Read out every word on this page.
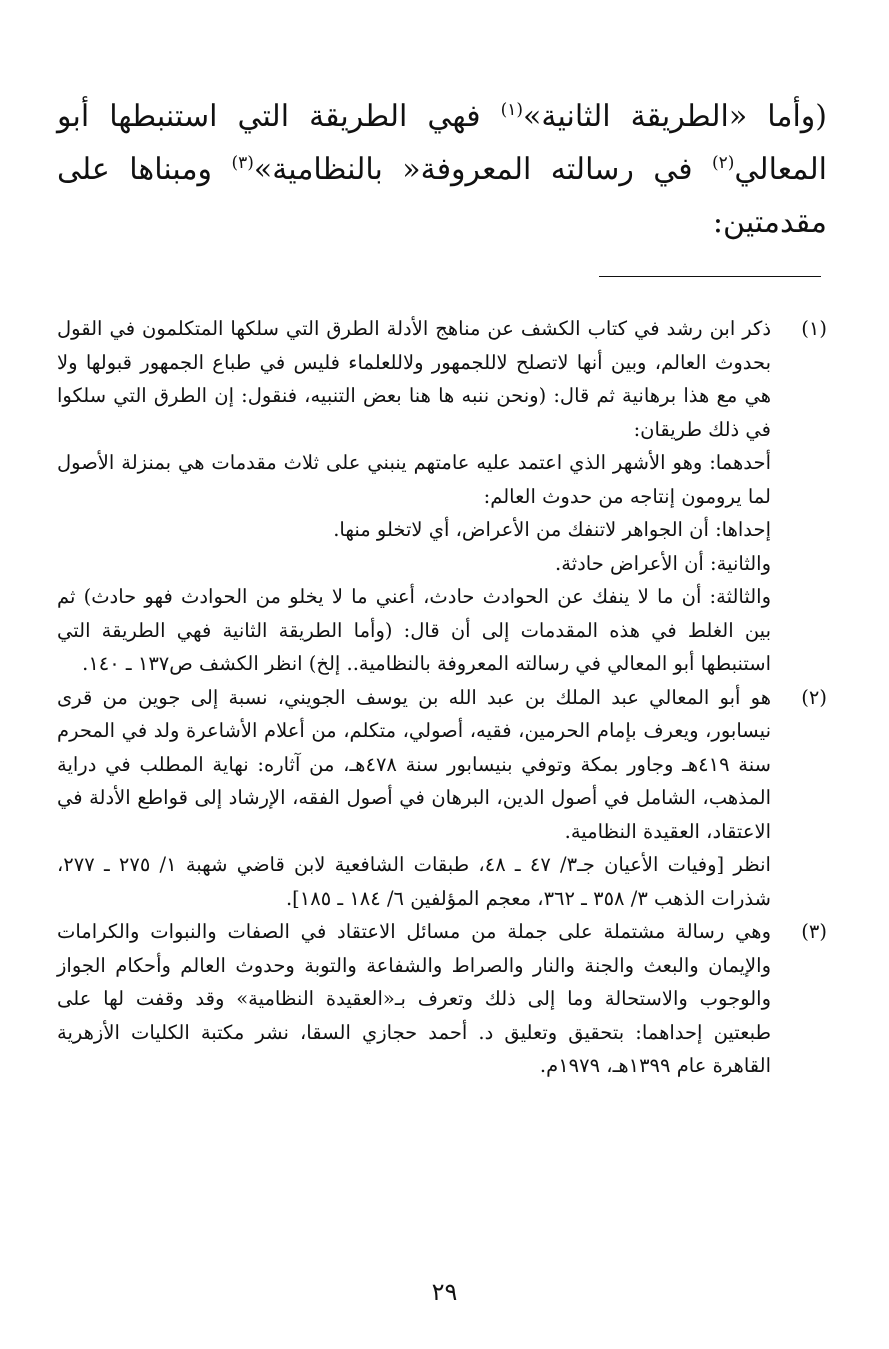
(وأما «الطريقة الثانية»$^{(١)}$ فهي الطريقة التي استنبطها أبو المعالي$^{(٢)}$ في رسالته المعروفة« بالنظامية»$^{(٣)}$ ومبناها على مقدمتين:
(١)
ذكر ابن رشد في كتاب الكشف عن مناهج الأدلة الطرق التي سلكها المتكلمون في القول بحدوث العالم، وبين أنها لاتصلح لاللجمهور ولاللعلماء فليس في طباع الجمهور قبولها ولا هي مع هذا برهانية ثم قال: (ونحن ننبه ها هنا بعض التنبيه، فنقول: إن الطرق التي سلكوا في ذلك طريقان:
أحدهما: وهو الأشهر الذي اعتمد عليه عامتهم ينبني على ثلاث مقدمات هي بمنزلة الأصول لما يرومون إنتاجه من حدوث العالم:
إحداها: أن الجواهر لاتنفك من الأعراض، أي لاتخلو منها.
والثانية: أن الأعراض حادثة.
والثالثة: أن ما لا ينفك عن الحوادث حادث، أعني ما لا يخلو من الحوادث فهو حادث) ثم بين الغلط في هذه المقدمات إلى أن قال: (وأما الطريقة الثانية فهي الطريقة التي استنبطها أبو المعالي في رسالته المعروفة بالنظامية.. إلخ) انظر الكشف ص١٣٧ ـ ١٤٠.
(٢)
هو أبو المعالي عبد الملك بن عبد الله بن يوسف الجويني، نسبة إلى جوين من قرى نيسابور، ويعرف بإمام الحرمين، فقيه، أصولي، متكلم، من أعلام الأشاعرة ولد في المحرم سنة ٤١٩هـ وجاور بمكة وتوفي بنيسابور سنة ٤٧٨هـ، من آثاره: نهاية المطلب في دراية المذهب، الشامل في أصول الدين، البرهان في أصول الفقه، الإرشاد إلى قواطع الأدلة في الاعتقاد، العقيدة النظامية.
انظر [وفيات الأعيان جـ٣/ ٤٧ ـ ٤٨، طبقات الشافعية لابن قاضي شهبة ١/ ٢٧٥ ـ ٢٧٧، شذرات الذهب ٣/ ٣٥٨ ـ ٣٦٢، معجم المؤلفين ٦/ ١٨٤ ـ ١٨٥].
(٣)
وهي رسالة مشتملة على جملة من مسائل الاعتقاد في الصفات والنبوات والكرامات والإيمان والبعث والجنة والنار والصراط والشفاعة والتوبة وحدوث العالم وأحكام الجواز والوجوب والاستحالة وما إلى ذلك وتعرف بـ«العقيدة النظامية» وقد وقفت لها على طبعتين إحداهما: بتحقيق وتعليق د. أحمد حجازي السقا، نشر مكتبة الكليات الأزهرية القاهرة عام ١٣٩٩هـ، ١٩٧٩م.
٢٩
